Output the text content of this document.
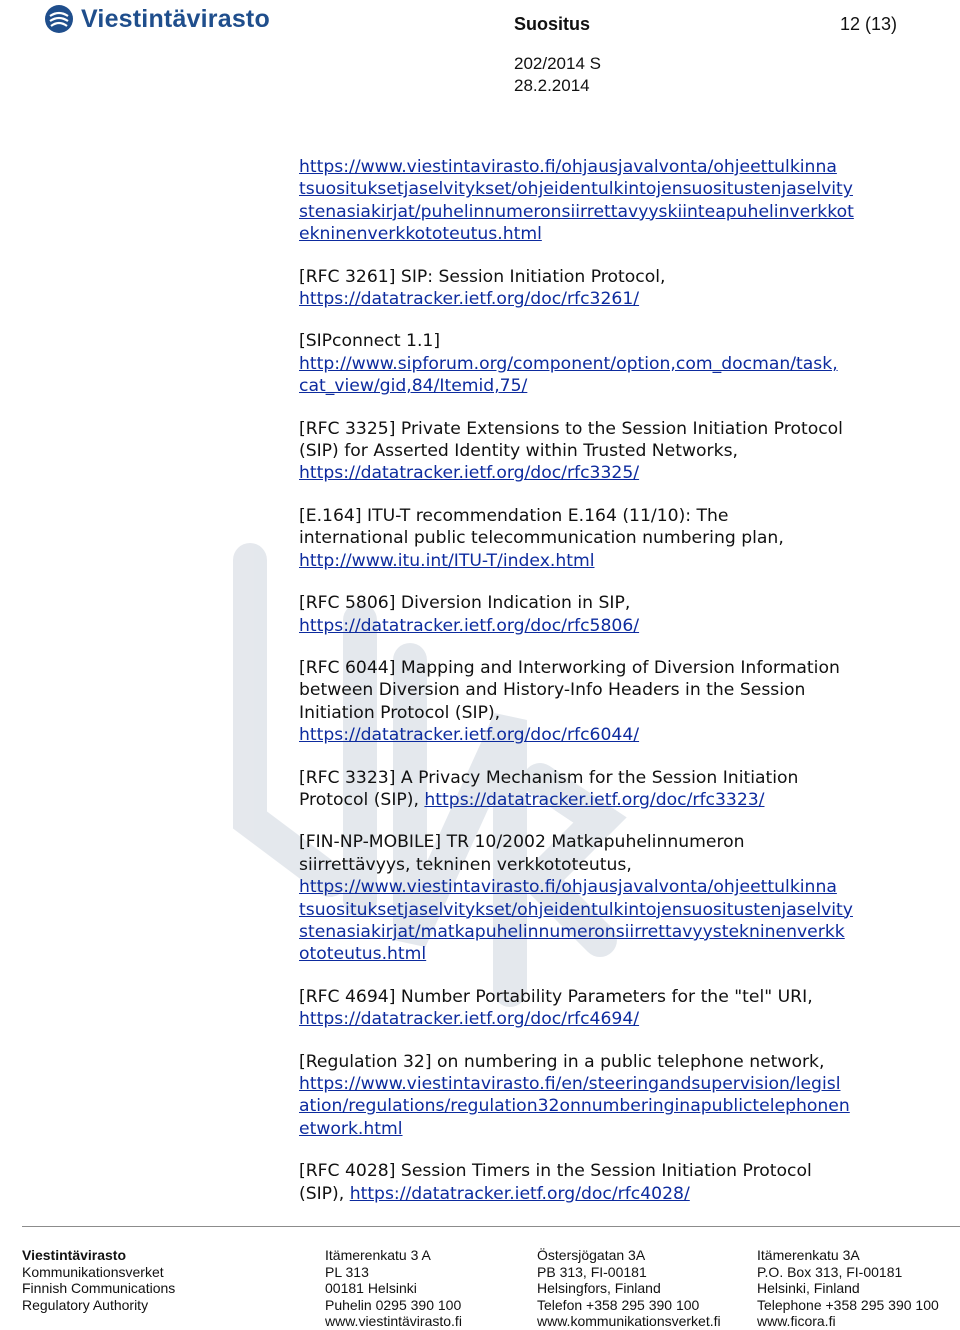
Viestintävirasto	Suositus	12 (13)
202/2014 S
28.2.2014
https://www.viestintavirasto.fi/ohjausjavalvonta/ohjeettulkinna
tsuosituksetjaselvitykset/ohjeidentulkintojensuositustenjaselvity
stenasiakirjat/puhelinnumeronsiirrettavyyskiinteapuhelinverkkot
ekninenverkkototeutus.html
[RFC 3261] SIP: Session Initiation Protocol,
https://datatracker.ietf.org/doc/rfc3261/
[SIPconnect 1.1]
http://www.sipforum.org/component/option,com_docman/task,
cat_view/gid,84/Itemid,75/
[RFC 3325] Private Extensions to the Session Initiation Protocol
(SIP) for Asserted Identity within Trusted Networks,
https://datatracker.ietf.org/doc/rfc3325/
[E.164] ITU-T recommendation E.164 (11/10): The
international public telecommunication numbering plan,
http://www.itu.int/ITU-T/index.html
[RFC 5806] Diversion Indication in SIP,
https://datatracker.ietf.org/doc/rfc5806/
[RFC 6044] Mapping and Interworking of Diversion Information
between Diversion and History-Info Headers in the Session
Initiation Protocol (SIP),
https://datatracker.ietf.org/doc/rfc6044/
[RFC 3323] A Privacy Mechanism for the Session Initiation
Protocol (SIP), https://datatracker.ietf.org/doc/rfc3323/
[FIN-NP-MOBILE] TR 10/2002 Matkapuhelinnumeron
siirrettävyys, tekninen verkkototeutus,
https://www.viestintavirasto.fi/ohjausjavalvonta/ohjeettulkinna
tsuosituksetjaselvitykset/ohjeidentulkintojensuositustenjaselvity
stenasiakirjat/matkapuhelinnumeronsiirrettavyystekninenverkk
ototeutus.html
[RFC 4694] Number Portability Parameters for the "tel" URI,
https://datatracker.ietf.org/doc/rfc4694/
[Regulation 32] on numbering in a public telephone network,
https://www.viestintavirasto.fi/en/steeringandsupervision/legisl
ation/regulations/regulation32onnumberinginapublictelephonen
etwork.html
[RFC 4028] Session Timers in the Session Initiation Protocol
(SIP), https://datatracker.ietf.org/doc/rfc4028/
Viestintävirasto
Kommunikationsverket
Finnish Communications
Regulatory Authority
Itämerenkatu 3 A
PL 313
00181 Helsinki
Puhelin 0295 390 100
www.viestintävirasto.fi
Östersjögatan 3A
PB 313, FI-00181
Helsingfors, Finland
Telefon +358 295 390 100
www.kommunikationsverket.fi
Itämerenkatu 3A
P.O. Box 313, FI-00181
Helsinki, Finland
Telephone +358 295 390 100
www.ficora.fi
